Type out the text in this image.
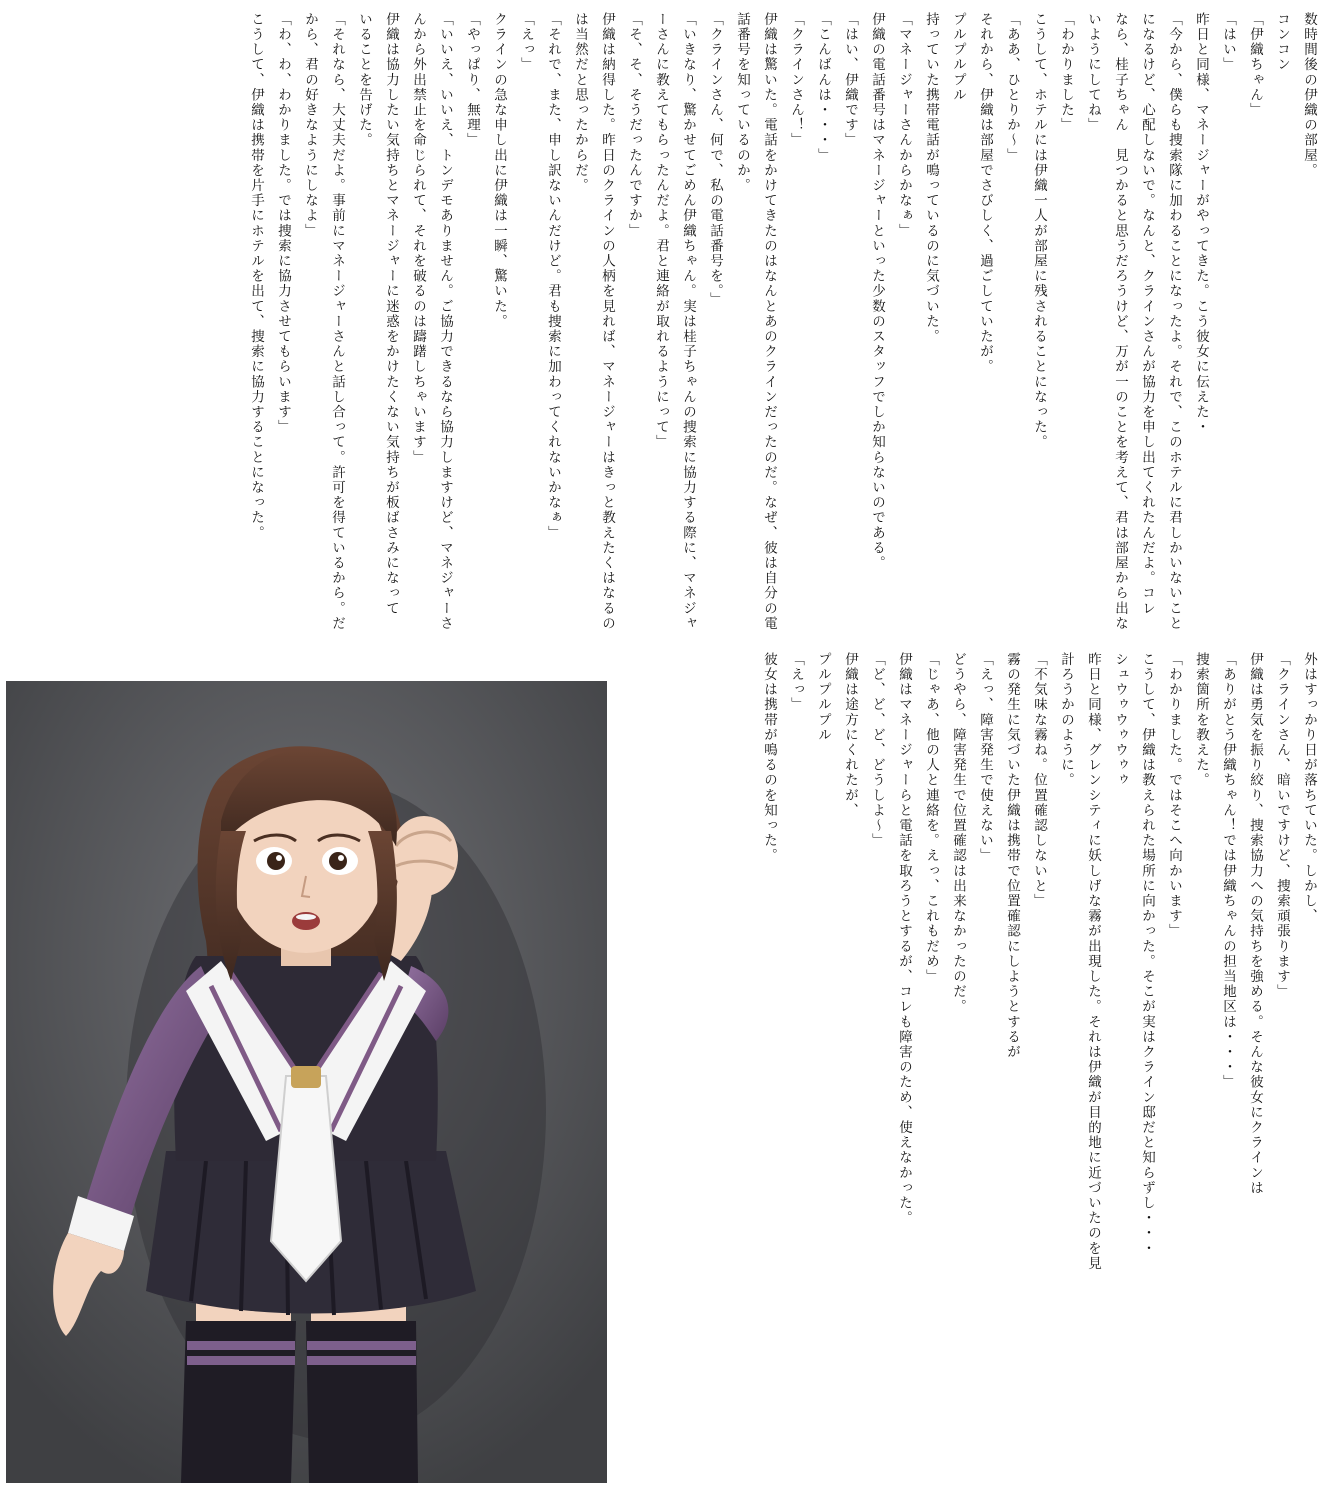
数時間後の伊織の部屋。
コンコン
「伊織ちゃん」
「はい」
昨日と同様、マネージャーがやってきた。こう彼女に伝えた・
「今から、僕らも捜索隊に加わることになったよ。それで、このホテルに君しかいないこと
になるけど、心配しないで。なんと、クラインさんが協力を申し出てくれたんだよ。コレ
なら、桂子ちゃん　見つかると思うだろうけど、万が一のことを考えて、君は部屋から出な
いようにしてね」
「わかりました」
こうして、ホテルには伊織一人が部屋に残されることになった。
「ああ、ひとりか〜」
それから、伊織は部屋でさびしく、過ごしていたが。
プルプルプル
持っていた携帯電話が鳴っているのに気づいた。
「マネージャーさんからかなぁ」
伊織の電話番号はマネージャーといった少数のスタッフでしか知らないのである。
「はい、伊織です」
「こんばんは・・・」
「クラインさん！」
伊織は驚いた。電話をかけてきたのはなんとあのクラインだったのだ。なぜ、彼は自分の電
話番号を知っているのか。
「クラインさん、何で、私の電話番号を。」
「いきなり、驚かせてごめん伊織ちゃん。実は桂子ちゃんの捜索に協力する際に、マネジャ
ーさんに教えてもらったんだよ。君と連絡が取れるようにって」
「そ、そ、そうだったんですか」
伊織は納得した。昨日のクラインの人柄を見れば、マネージャーはきっと教えたくはなるの
は当然だと思ったからだ。
「それで、また、申し訳ないんだけど。君も捜索に加わってくれないかなぁ」
「えっ」
クラインの急な申し出に伊織は一瞬、驚いた。
「やっぱり、無理」
「いいえ、いいえ、トンデモありません。ご協力できるなら協力しますけど、マネジャーさ
んから外出禁止を命じられて、それを破るのは躊躇しちゃいます」
伊織は協力したい気持ちとマネージャーに迷惑をかけたくない気持ちが板ばさみになって
いることを告げた。
「それなら、大丈夫だよ。事前にマネージャーさんと話し合って。許可を得ているから。だ
から、君の好きなようにしなよ」
「わ、わ、わかりました。では捜索に協力させてもらいます」
こうして、伊織は携帯を片手にホテルを出て、捜索に協力することになった。
外はすっかり日が落ちていた。しかし、
「クラインさん、暗いですけど、捜索頑張ります」
伊織は勇気を振り絞り、捜索協力への気持ちを強める。そんな彼女にクラインは
「ありがとう伊織ちゃん！では伊織ちゃんの担当地区は・・・」
捜索箇所を教えた。
「わかりました。ではそこへ向かいます」
こうして、伊織は教えられた場所に向かった。そこが実はクライン邸だと知らずし・・・
シュウゥウゥウゥゥ
昨日と同様、グレンシティに妖しげな霧が出現した。それは伊織が目的地に近づいたのを見
計ろうかのように。
「不気味な霧ね。位置確認しないと」
霧の発生に気づいた伊織は携帯で位置確認にしようとするが
「えっ、障害発生で使えない」
どうやら、障害発生で位置確認は出来なかったのだ。
「じゃあ、他の人と連絡を。えっ、これもだめ」
伊織はマネージャーらと電話を取ろうとするが、コレも障害のため、使えなかった。
「ど、ど、ど、どうしよ〜」
伊織は途方にくれたが、
プルプルプル
「えっ」
彼女は携帯が鳴るのを知った。
